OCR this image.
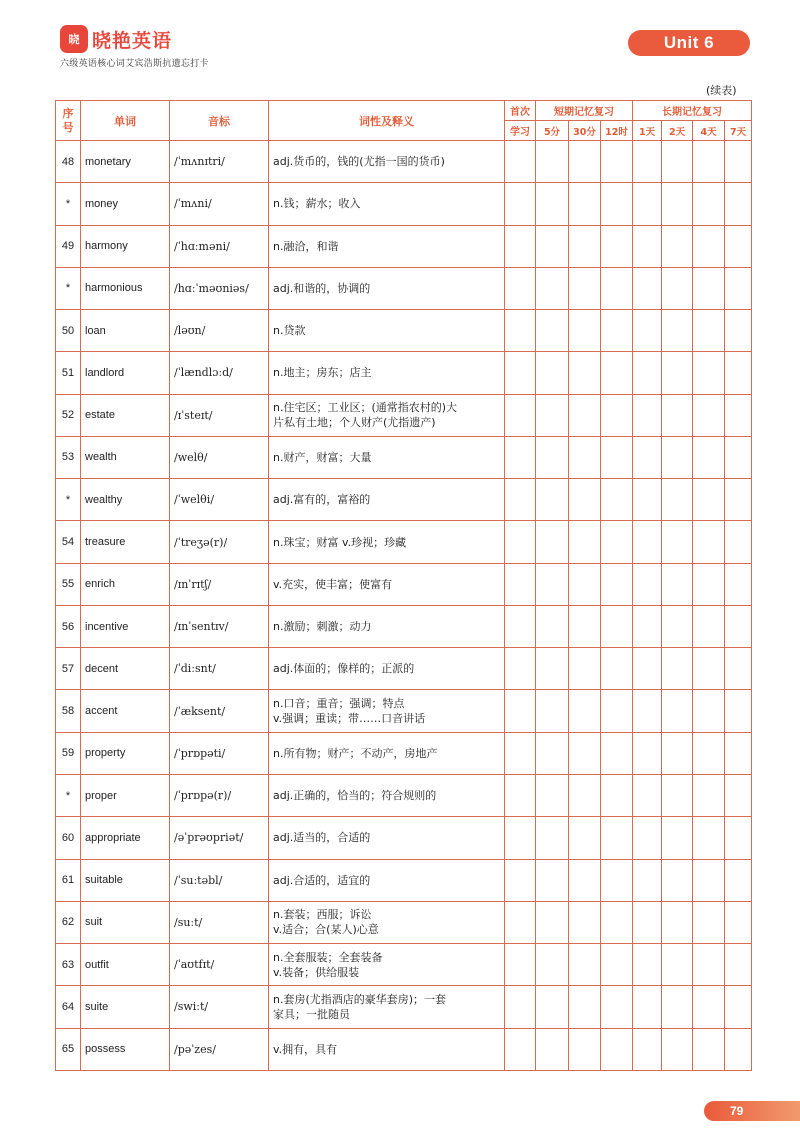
晓 晓艳英语
六级英语核心词艾宾浩斯抗遗忘打卡
Unit 6
(续表)
序号	单词	音标	词性及释义	首次	短期记忆复习			长期记忆复习			
				学习	5分	30分	12时	1天	2天	4天	7天
48	monetary	/ˈmʌnɪtri/	adj.货币的，钱的(尤指一国的货币)								

*	money	/ˈmʌni/	n.钱；薪水；收入								

49	harmony	/ˈhɑːməni/	n.融洽，和谐								

*	harmonious	/hɑːˈməʊniəs/	adj.和谐的，协调的								

50	loan	/ləʊn/	n.贷款								

51	landlord	/ˈlændlɔːd/	n.地主；房东；店主								

52	estate	/ɪˈsteɪt/	n.住宅区；工业区；(通常指农村的)大
片私有土地；个人财产(尤指遗产)								

53	wealth	/welθ/	n.财产，财富；大量								

*	wealthy	/ˈwelθi/	adj.富有的，富裕的								

54	treasure	/ˈtreʒə(r)/	n.珠宝；财富 v.珍视；珍藏								

55	enrich	/ɪnˈrɪtʃ/	v.充实，使丰富；使富有								

56	incentive	/ɪnˈsentɪv/	n.激励；刺激；动力								

57	decent	/ˈdiːsnt/	adj.体面的；像样的；正派的								

58	accent	/ˈæksent/	n.口音；重音；强调；特点
v.强调；重读；带……口音讲话								

59	property	/ˈprɒpəti/	n.所有物；财产；不动产，房地产								

*	proper	/ˈprɒpə(r)/	adj.正确的，恰当的；符合规则的								

60	appropriate	/əˈprəʊpriət/	adj.适当的，合适的								

61	suitable	/ˈsuːtəbl/	adj.合适的，适宜的								

62	suit	/suːt/	n.套装；西服；诉讼
v.适合；合(某人)心意								

63	outfit	/ˈaʊtfɪt/	n.全套服装；全套装备
v.装备；供给服装								

64	suite	/swiːt/	n.套房(尤指酒店的豪华套房)；一套
家具；一批随员								

65	possess	/pəˈzes/	v.拥有，具有								

79
